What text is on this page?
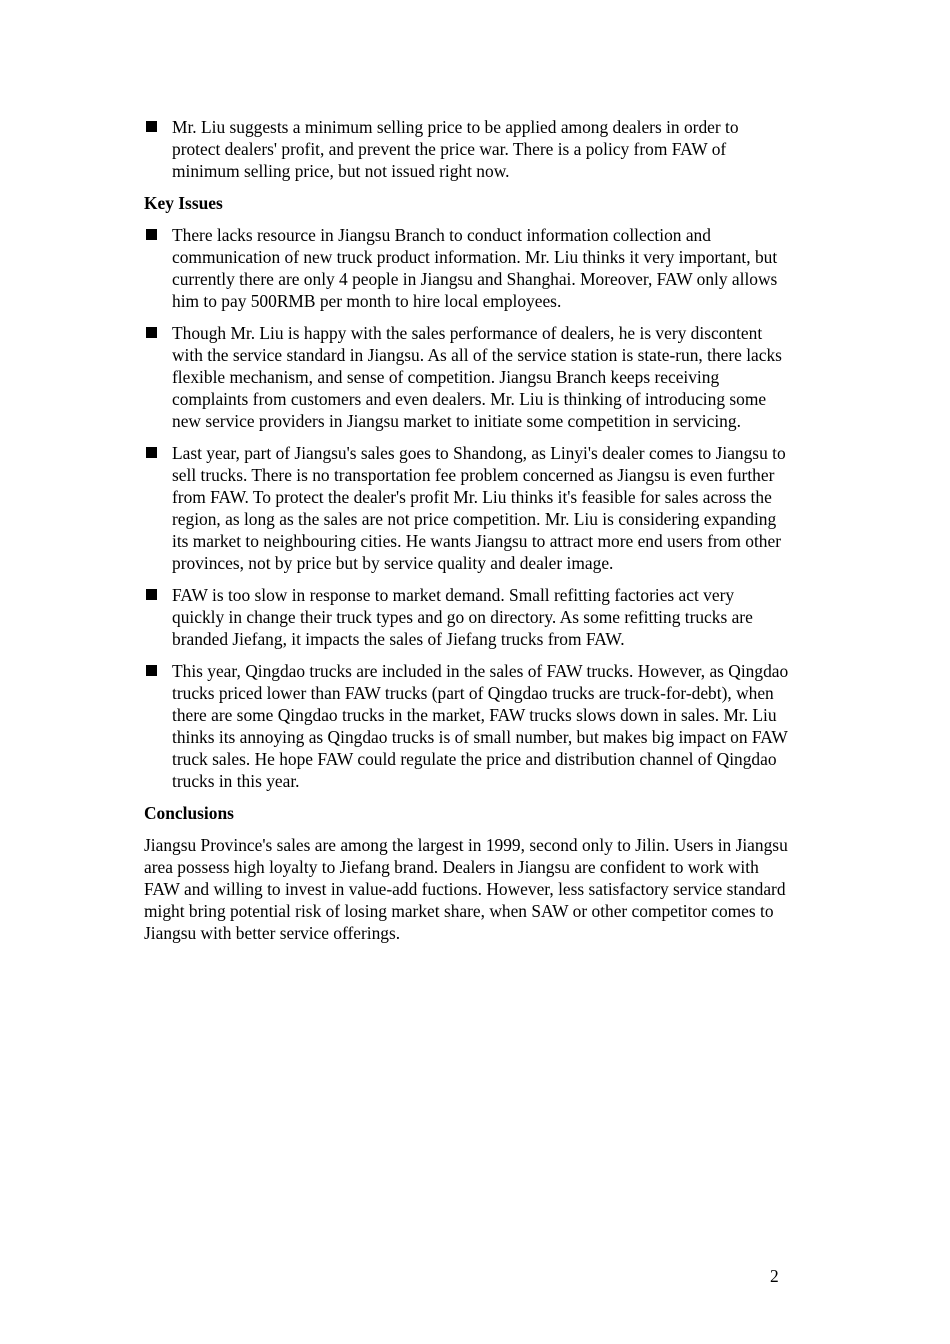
Mr. Liu suggests a minimum selling price to be applied among dealers in order to protect dealers' profit, and prevent the price war. There is a policy from FAW of minimum selling price, but not issued right now.
Key Issues
There lacks resource in Jiangsu Branch to conduct information collection and communication of new truck product information. Mr. Liu thinks it very important, but currently there are only 4 people in Jiangsu and Shanghai. Moreover, FAW only allows him to pay 500RMB per month to hire local employees.
Though Mr. Liu is happy with the sales performance of dealers, he is very discontent with the service standard in Jiangsu. As all of the service station is state-run, there lacks flexible mechanism, and sense of competition. Jiangsu Branch keeps receiving complaints from customers and even dealers. Mr. Liu is thinking of introducing some new service providers in Jiangsu market to initiate some competition in servicing.
Last year, part of Jiangsu's sales goes to Shandong, as Linyi's dealer comes to Jiangsu to sell trucks. There is no transportation fee problem concerned as Jiangsu is even further from FAW. To protect the dealer's profit Mr. Liu thinks it's feasible for sales across the region, as long as the sales are not price competition. Mr. Liu is considering expanding its market to neighbouring cities. He wants Jiangsu to attract more end users from other provinces, not by price but by service quality and dealer image.
FAW is too slow in response to market demand. Small refitting factories act very quickly in change their truck types and go on directory. As some refitting trucks are branded Jiefang, it impacts the sales of Jiefang trucks from FAW.
This year, Qingdao trucks are included in the sales of FAW trucks. However, as Qingdao trucks priced lower than FAW trucks (part of Qingdao trucks are truck-for-debt), when there are some Qingdao trucks in the market, FAW trucks slows down in sales. Mr. Liu thinks its annoying as Qingdao trucks is of small number, but makes big impact on FAW truck sales. He hope FAW could regulate the price and distribution channel of Qingdao trucks in this year.
Conclusions

Jiangsu Province's sales are among the largest in 1999, second only to Jilin. Users in Jiangsu area possess high loyalty to Jiefang brand. Dealers in Jiangsu are confident to work with FAW and willing to invest in value-add fuctions. However, less satisfactory service standard might bring potential risk of losing market share, when SAW or other competitor comes to Jiangsu with better service offerings.

2
